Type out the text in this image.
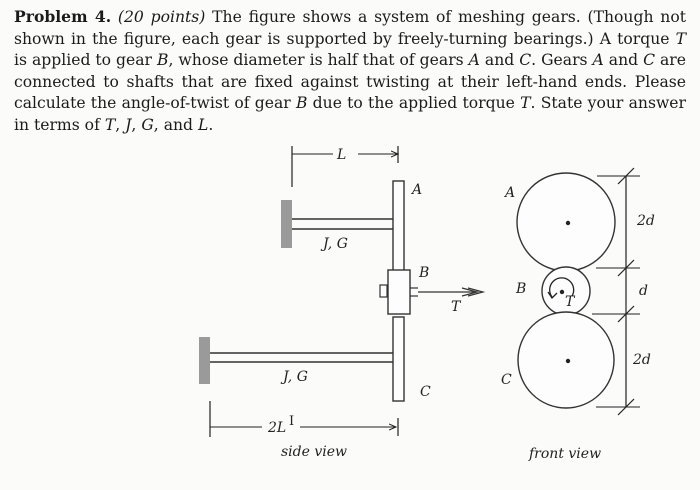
Problem 4. (20 points) The figure shows a system of meshing gears. (Though not shown in the figure, each gear is supported by freely-turning bearings.) A torque T is applied to gear B, whose diameter is half that of gears A and C. Gears A and C are connected to shafts that are fixed against twisting at their left-hand ends. Please calculate the angle-of-twist of gear B due to the applied torque T. State your answer in terms of T, J, G, and L.
L
J, G
A
B
T
C
J, G
I
2L
side view
A
T
B
C
2d
d
2d
front view
